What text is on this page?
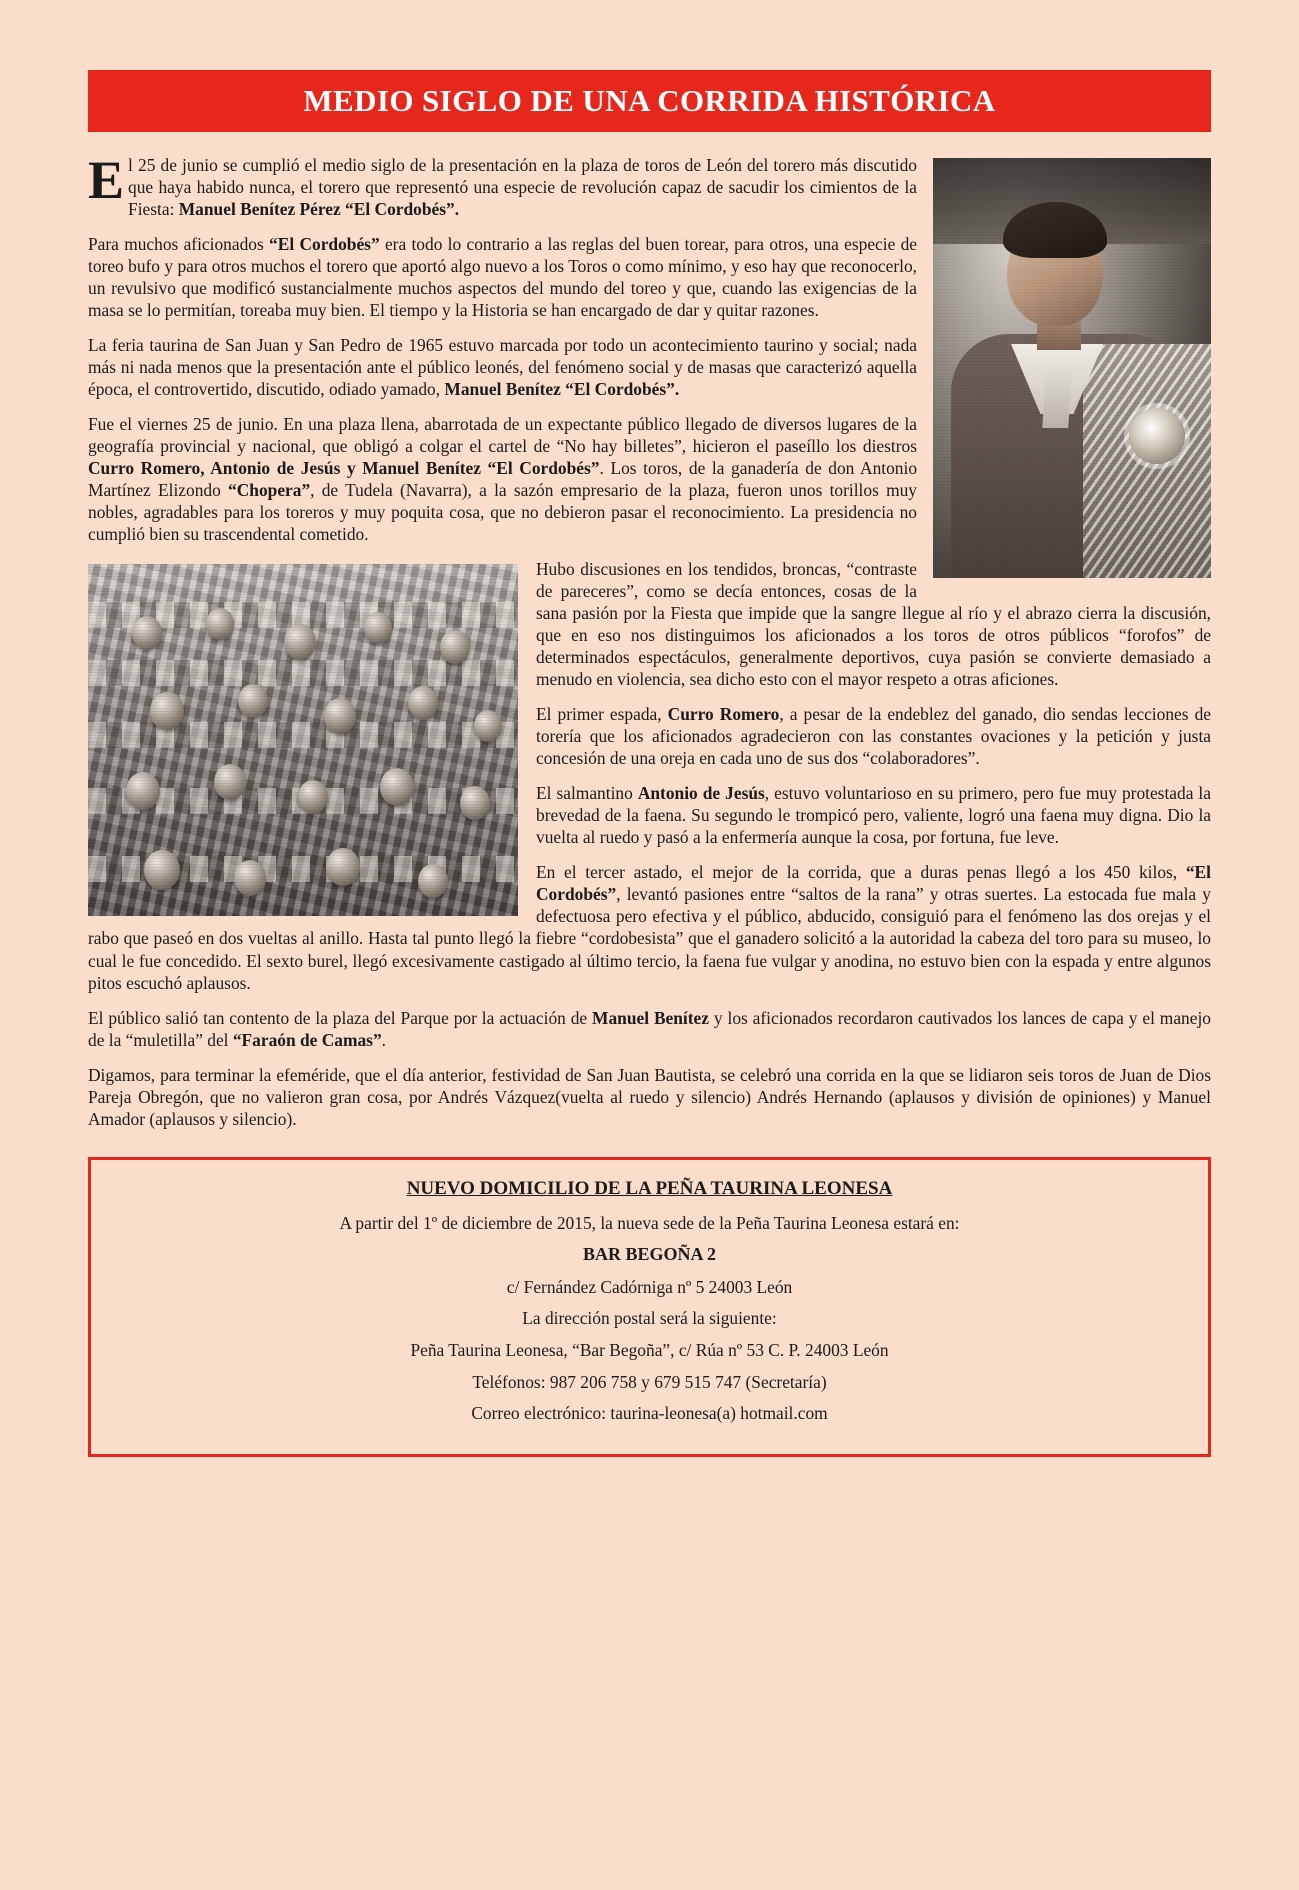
MEDIO SIGLO DE UNA CORRIDA HISTÓRICA

El 25 de junio se cumplió el medio siglo de la presentación en la plaza de toros de León del torero más discutido que haya habido nunca, el torero que representó una especie de revolución capaz de sacudir los cimientos de la Fiesta: Manuel Benítez Pérez “El Cordobés”.

Para muchos aficionados “El Cordobés” era todo lo contrario a las reglas del buen torear, para otros, una especie de toreo bufo y para otros muchos el torero que aportó algo nuevo a los Toros o como mínimo, y eso hay que reconocerlo, un revulsivo que modificó sustancialmente muchos aspectos del mundo del toreo y que, cuando las exigencias de la masa se lo permitían, toreaba muy bien. El tiempo y la Historia se han encargado de dar y quitar razones.

La feria taurina de San Juan y San Pedro de 1965 estuvo marcada por todo un acontecimiento taurino y social; nada más ni nada menos que la presentación ante el público leonés, del fenómeno social y de masas que caracterizó aquella época, el controvertido, discutido, odiado yamado, Manuel Benítez “El Cordobés”.

Fue el viernes 25 de junio. En una plaza llena, abarrotada de un expectante público llegado de diversos lugares de la geografía provincial y nacional, que obligó a colgar el cartel de “No hay billetes”, hicieron el paseíllo los diestros Curro Romero, Antonio de Jesús y Manuel Benítez “El Cordobés”. Los toros, de la ganadería de don Antonio Martínez Elizondo “Chopera”, de Tudela (Navarra), a la sazón empresario de la plaza, fueron unos torillos muy nobles, agradables para los toreros y muy poquita cosa, que no debieron pasar el reconocimiento. La presidencia no cumplió bien su trascendental cometido.

Hubo discusiones en los tendidos, broncas, “contraste de pareceres”, como se decía entonces, cosas de la sana pasión por la Fiesta que impide que la sangre llegue al río y el abrazo cierra la discusión, que en eso nos distinguimos los aficionados a los toros de otros públicos “forofos” de determinados espectáculos, generalmente deportivos, cuya pasión se convierte demasiado a menudo en violencia, sea dicho esto con el mayor respeto a otras aficiones.

El primer espada, Curro Romero, a pesar de la endeblez del ganado, dio sendas lecciones de torería que los aficionados agradecieron con las constantes ovaciones y la petición y justa concesión de una oreja en cada uno de sus dos “colaboradores”.

El salmantino Antonio de Jesús, estuvo voluntarioso en su primero, pero fue muy protestada la brevedad de la faena. Su segundo le trompicó pero, valiente, logró una faena muy digna. Dio la vuelta al ruedo y pasó a la enfermería aunque la cosa, por fortuna, fue leve.

En el tercer astado, el mejor de la corrida, que a duras penas llegó a los 450 kilos, “El Cordobés”, levantó pasiones entre “saltos de la rana” y otras suertes. La estocada fue mala y defectuosa pero efectiva y el público, abducido, consiguió para el fenómeno las dos orejas y el rabo que paseó en dos vueltas al anillo. Hasta tal punto llegó la fiebre “cordobesista” que el ganadero solicitó a la autoridad la cabeza del toro para su museo, lo cual le fue concedido. El sexto burel, llegó excesivamente castigado al último tercio, la faena fue vulgar y anodina, no estuvo bien con la espada y entre algunos pitos escuchó aplausos.

El público salió tan contento de la plaza del Parque por la actuación de Manuel Benítez y los aficionados recordaron cautivados los lances de capa y el manejo de la “muletilla” del “Faraón de Camas”.

Digamos, para terminar la efeméride, que el día anterior, festividad de San Juan Bautista, se celebró una corrida en la que se lidiaron seis toros de Juan de Dios Pareja Obregón, que no valieron gran cosa, por Andrés Vázquez(vuelta al ruedo y silencio) Andrés Hernando (aplausos y división de opiniones) y Manuel Amador (aplausos y silencio).

NUEVO DOMICILIO DE LA PEÑA TAURINA LEONESA

A partir del 1º de diciembre de 2015, la nueva sede de la Peña Taurina Leonesa estará en:

BAR BEGOÑA 2

c/ Fernández Cadórniga nº 5 24003 León

La dirección postal será la siguiente:

Peña Taurina Leonesa, “Bar Begoña”, c/ Rúa nº 53 C. P. 24003 León

Teléfonos: 987 206 758 y 679 515 747 (Secretaría)

Correo electrónico: taurina-leonesa(a) hotmail.com
